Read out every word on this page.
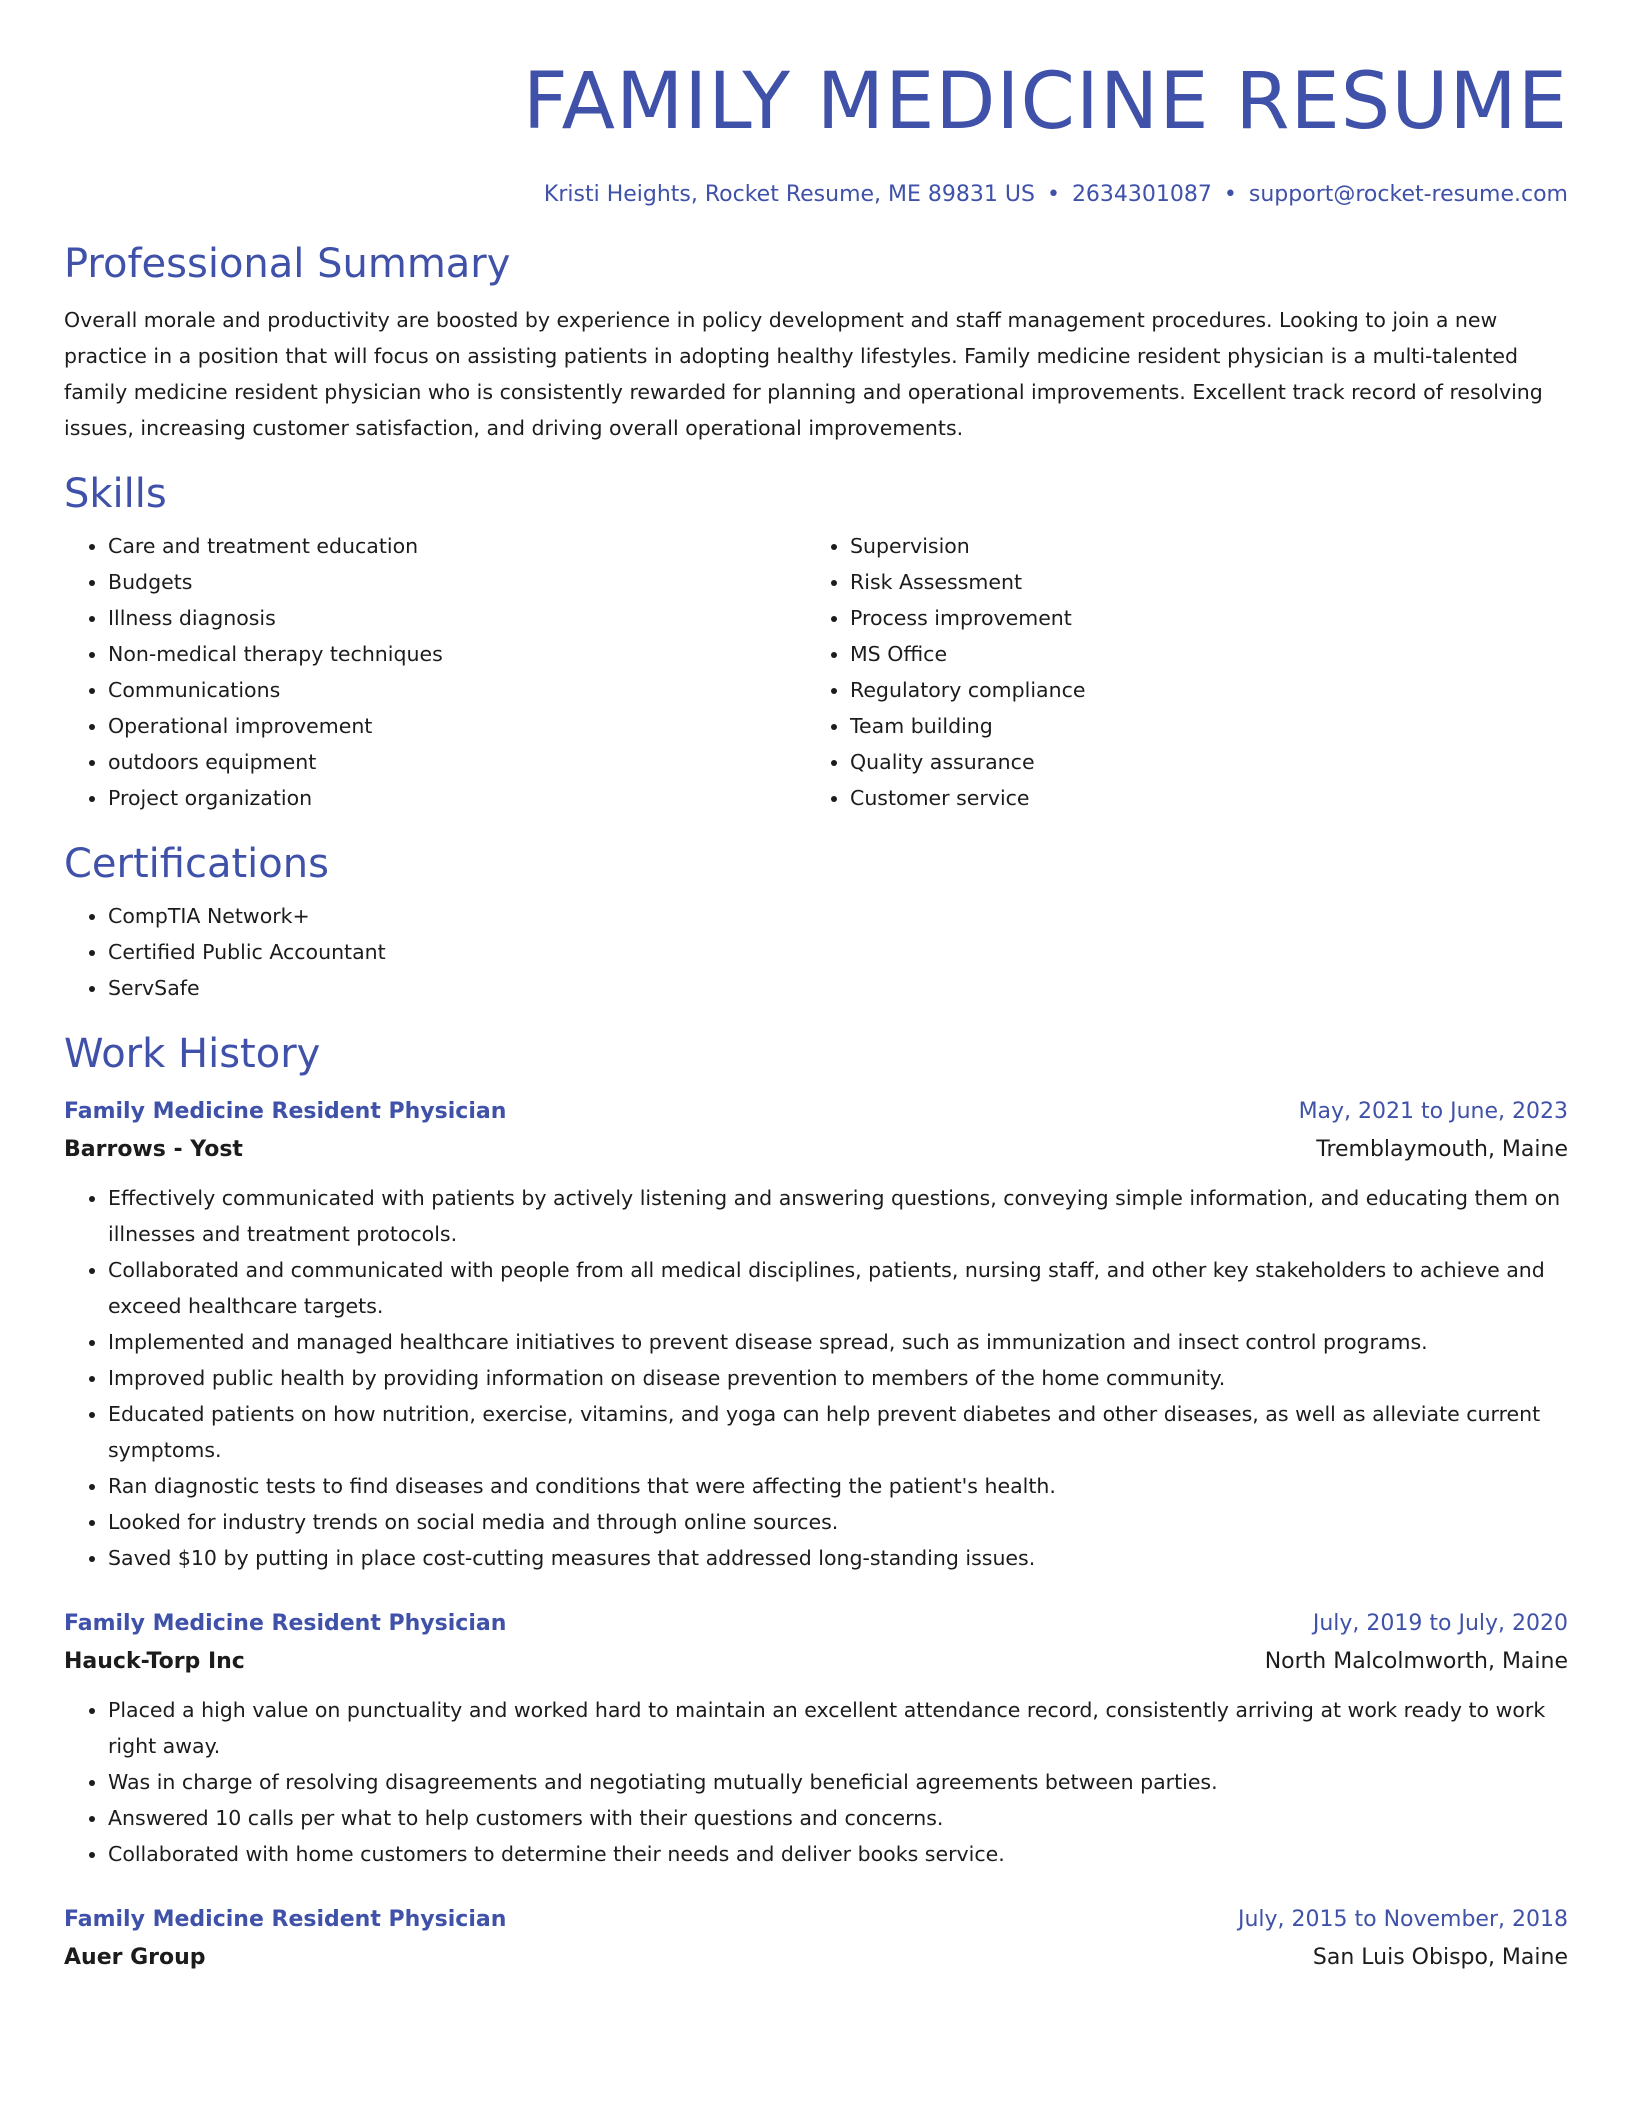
FAMILY MEDICINE RESUME
Kristi Heights, Rocket Resume, ME 89831 US • 2634301087 • support@rocket-resume.com
Professional Summary

Overall morale and productivity are boosted by experience in policy development and staff management procedures. Looking to join a new practice in a position that will focus on assisting patients in adopting healthy lifestyles. Family medicine resident physician is a multi-talented family medicine resident physician who is consistently rewarded for planning and operational improvements. Excellent track record of resolving issues, increasing customer satisfaction, and driving overall operational improvements.

Skills
• Care and treatment education
• Budgets
• Illness diagnosis
• Non-medical therapy techniques
• Communications
• Operational improvement
• outdoors equipment
• Project organization
• Supervision
• Risk Assessment
• Process improvement
• MS Office
• Regulatory compliance
• Team building
• Quality assurance
• Customer service
Certifications
• CompTIA Network+
• Certified Public Accountant
• ServSafe
Work History
Family Medicine Resident Physician	May, 2021 to June, 2023
Barrows - Yost	Tremblaymouth, Maine
• Effectively communicated with patients by actively listening and answering questions, conveying simple information, and educating them on illnesses and treatment protocols.
• Collaborated and communicated with people from all medical disciplines, patients, nursing staff, and other key stakeholders to achieve and exceed healthcare targets.
• Implemented and managed healthcare initiatives to prevent disease spread, such as immunization and insect control programs.
• Improved public health by providing information on disease prevention to members of the home community.
• Educated patients on how nutrition, exercise, vitamins, and yoga can help prevent diabetes and other diseases, as well as alleviate current symptoms.
• Ran diagnostic tests to find diseases and conditions that were affecting the patient's health.
• Looked for industry trends on social media and through online sources.
• Saved $10 by putting in place cost-cutting measures that addressed long-standing issues.
Family Medicine Resident Physician	July, 2019 to July, 2020
Hauck-Torp Inc	North Malcolmworth, Maine
• Placed a high value on punctuality and worked hard to maintain an excellent attendance record, consistently arriving at work ready to work right away.
• Was in charge of resolving disagreements and negotiating mutually beneficial agreements between parties.
• Answered 10 calls per what to help customers with their questions and concerns.
• Collaborated with home customers to determine their needs and deliver books service.
Family Medicine Resident Physician	July, 2015 to November, 2018
Auer Group	San Luis Obispo, Maine
